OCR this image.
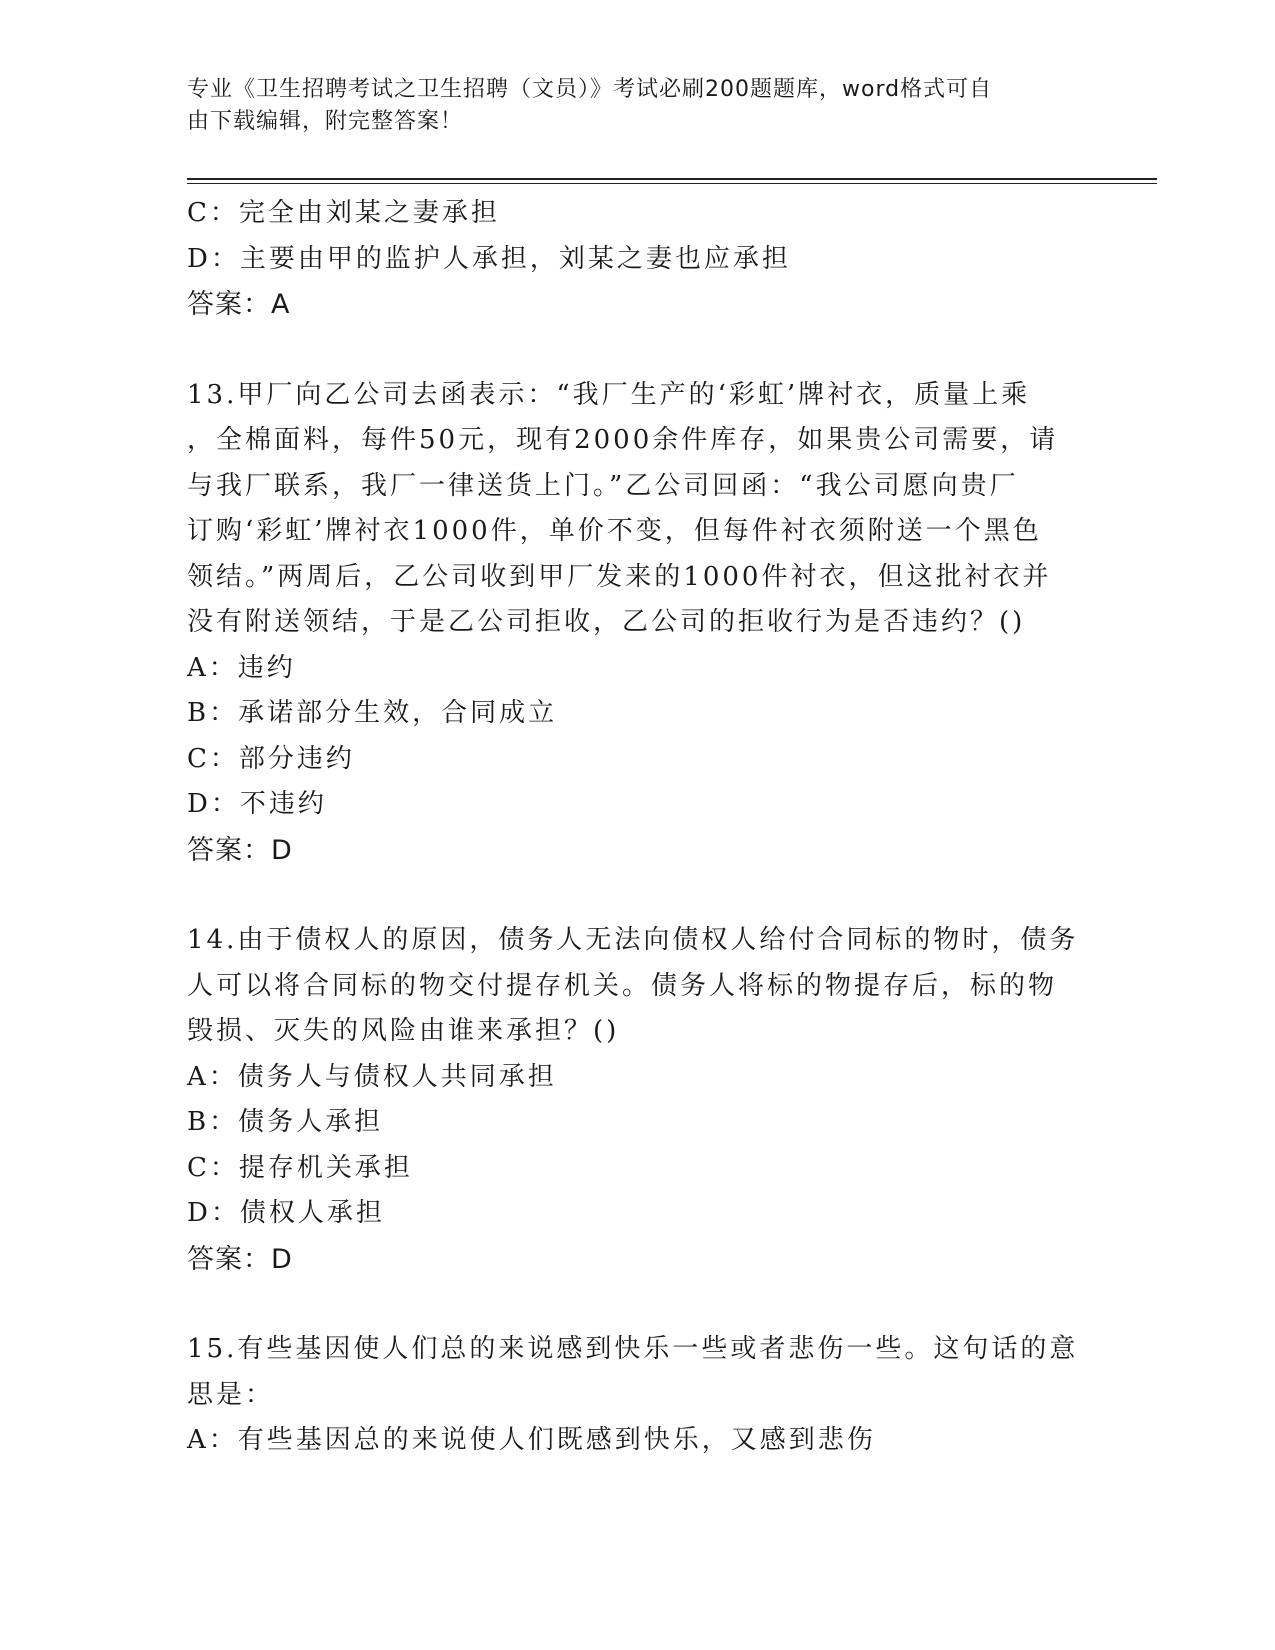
专业《卫生招聘考试之卫生招聘（文员）》考试必刷200题题库，word格式可自
由下载编辑，附完整答案！
C：完全由刘某之妻承担
D：主要由甲的监护人承担，刘某之妻也应承担
答案：A
13.甲厂向乙公司去函表示：“我厂生产的‘彩虹’牌衬衣，质量上乘
，全棉面料，每件50元，现有2000余件库存，如果贵公司需要，请
与我厂联系，我厂一律送货上门。”乙公司回函：“我公司愿向贵厂
订购‘彩虹’牌衬衣1000件，单价不变，但每件衬衣须附送一个黑色
领结。”两周后，乙公司收到甲厂发来的1000件衬衣，但这批衬衣并
没有附送领结，于是乙公司拒收，乙公司的拒收行为是否违约？()
A：违约
B：承诺部分生效，合同成立
C：部分违约
D：不违约
答案：D
14.由于债权人的原因，债务人无法向债权人给付合同标的物时，债务
人可以将合同标的物交付提存机关。债务人将标的物提存后，标的物
毁损、灭失的风险由谁来承担？()
A：债务人与债权人共同承担
B：债务人承担
C：提存机关承担
D：债权人承担
答案：D
15.有些基因使人们总的来说感到快乐一些或者悲伤一些。这句话的意
思是：
A：有些基因总的来说使人们既感到快乐，又感到悲伤
